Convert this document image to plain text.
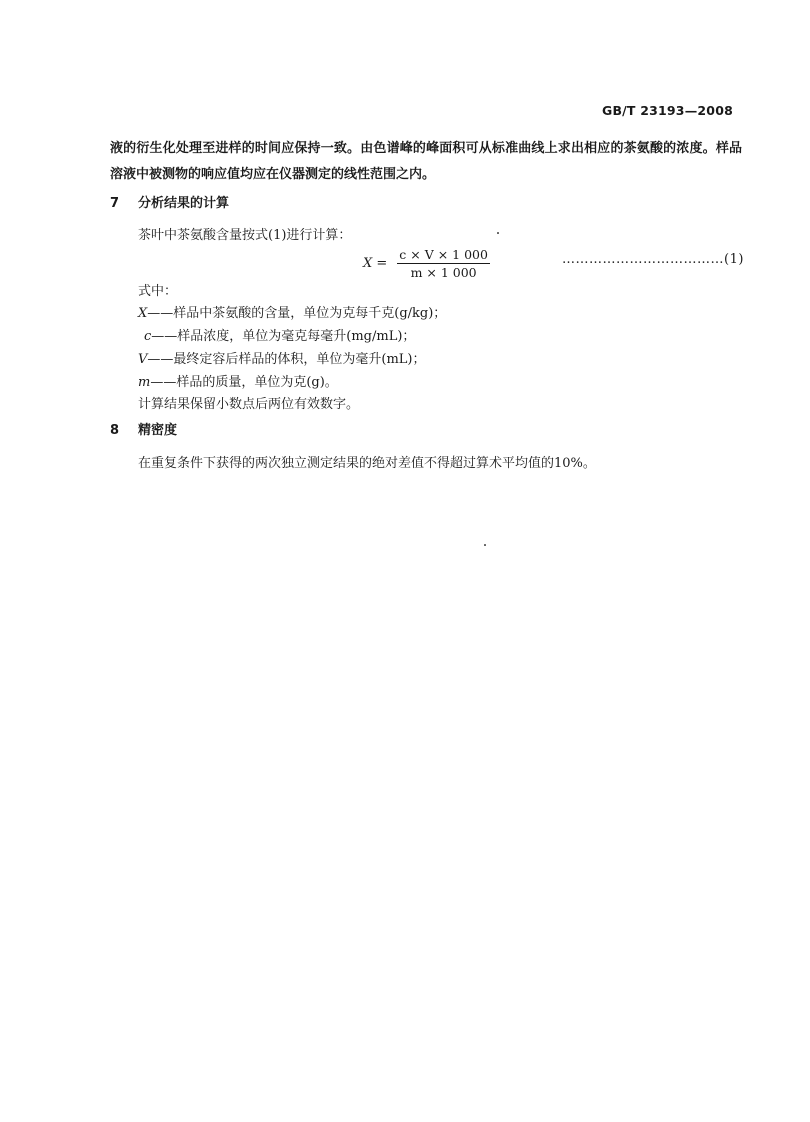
GB/T 23193—2008
液的衍生化处理至进样的时间应保持一致。由色谱峰的峰面积可从标准曲线上求出相应的茶氨酸的浓度。样品溶液中被测物的响应值均应在仪器测定的线性范围之内。
7 分析结果的计算
茶叶中茶氨酸含量按式(1)进行计算：
$X = \frac{c \times V \times 1 000}{m \times 1 000}$	………………………………(1)
式中：
X——样品中茶氨酸的含量，单位为克每千克(g/kg)；
c——样品浓度，单位为毫克每毫升(mg/mL)；
V——最终定容后样品的体积，单位为毫升(mL)；
m——样品的质量，单位为克(g)。
计算结果保留小数点后两位有效数字。
8 精密度
在重复条件下获得的两次独立测定结果的绝对差值不得超过算术平均值的10%。
